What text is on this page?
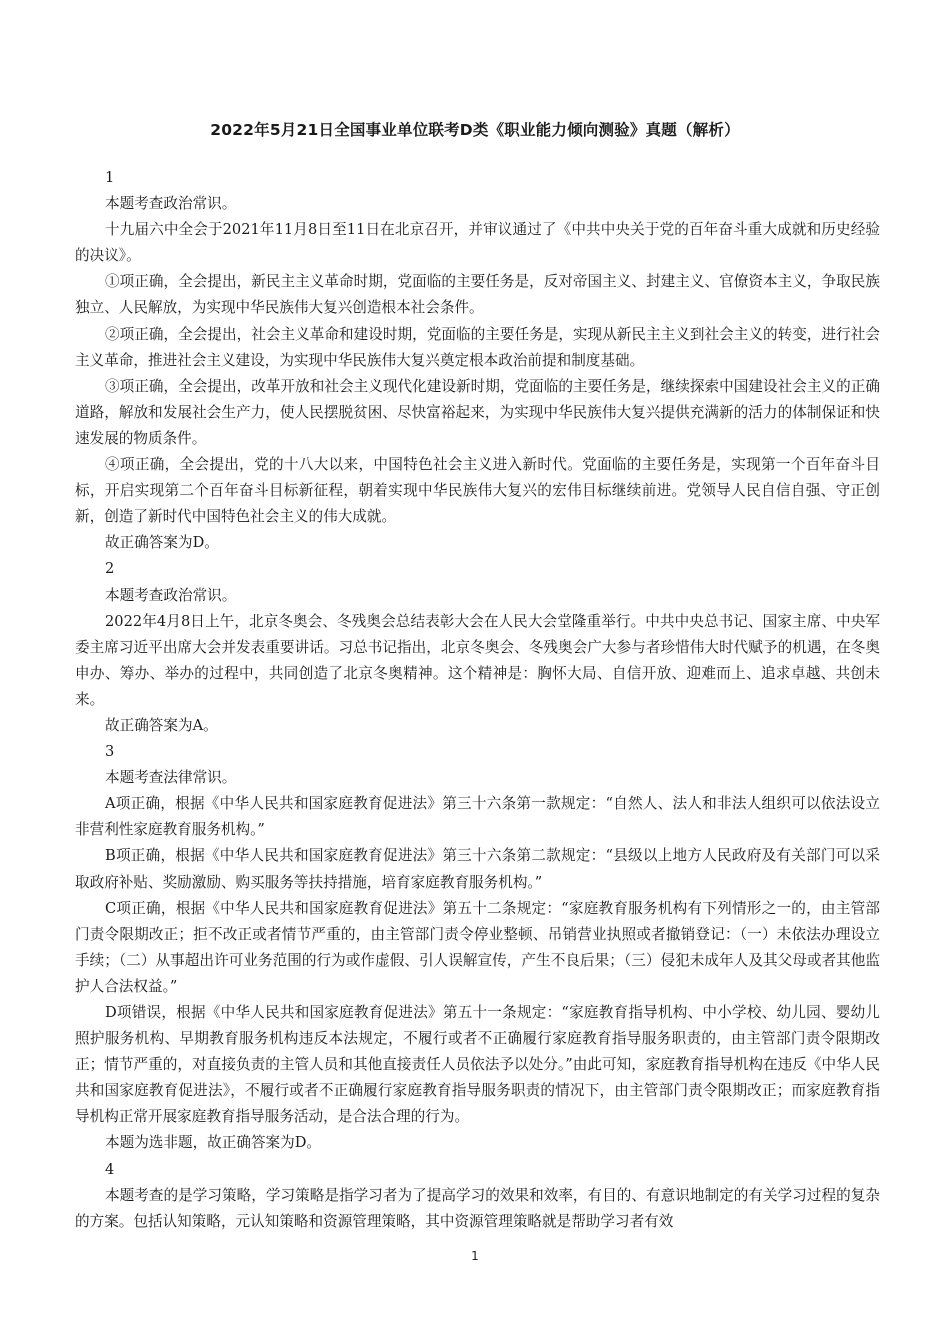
2022年5月21日全国事业单位联考D类《职业能力倾向测验》真题（解析）

1

本题考查政治常识。

十九届六中全会于2021年11月8日至11日在北京召开，并审议通过了《中共中央关于党的百年奋斗重大成就和历史经验的决议》。

①项正确，全会提出，新民主主义革命时期，党面临的主要任务是，反对帝国主义、封建主义、官僚资本主义，争取民族独立、人民解放，为实现中华民族伟大复兴创造根本社会条件。

②项正确，全会提出，社会主义革命和建设时期，党面临的主要任务是，实现从新民主主义到社会主义的转变，进行社会主义革命，推进社会主义建设，为实现中华民族伟大复兴奠定根本政治前提和制度基础。

③项正确，全会提出，改革开放和社会主义现代化建设新时期，党面临的主要任务是，继续探索中国建设社会主义的正确道路，解放和发展社会生产力，使人民摆脱贫困、尽快富裕起来，为实现中华民族伟大复兴提供充满新的活力的体制保证和快速发展的物质条件。

④项正确，全会提出，党的十八大以来，中国特色社会主义进入新时代。党面临的主要任务是，实现第一个百年奋斗目标，开启实现第二个百年奋斗目标新征程，朝着实现中华民族伟大复兴的宏伟目标继续前进。党领导人民自信自强、守正创新，创造了新时代中国特色社会主义的伟大成就。

故正确答案为D。

2

本题考查政治常识。

2022年4月8日上午，北京冬奥会、冬残奥会总结表彰大会在人民大会堂隆重举行。中共中央总书记、国家主席、中央军委主席习近平出席大会并发表重要讲话。习总书记指出，北京冬奥会、冬残奥会广大参与者珍惜伟大时代赋予的机遇，在冬奥申办、筹办、举办的过程中，共同创造了北京冬奥精神。这个精神是：胸怀大局、自信开放、迎难而上、追求卓越、共创未来。

故正确答案为A。

3

本题考查法律常识。

A项正确，根据《中华人民共和国家庭教育促进法》第三十六条第一款规定：“自然人、法人和非法人组织可以依法设立非营利性家庭教育服务机构。”

B项正确，根据《中华人民共和国家庭教育促进法》第三十六条第二款规定：“县级以上地方人民政府及有关部门可以采取政府补贴、奖励激励、购买服务等扶持措施，培育家庭教育服务机构。”

C项正确，根据《中华人民共和国家庭教育促进法》第五十二条规定：“家庭教育服务机构有下列情形之一的，由主管部门责令限期改正；拒不改正或者情节严重的，由主管部门责令停业整顿、吊销营业执照或者撤销登记：（一）未依法办理设立手续；（二）从事超出许可业务范围的行为或作虚假、引人误解宣传，产生不良后果；（三）侵犯未成年人及其父母或者其他监护人合法权益。”

D项错误，根据《中华人民共和国家庭教育促进法》第五十一条规定：“家庭教育指导机构、中小学校、幼儿园、婴幼儿照护服务机构、早期教育服务机构违反本法规定，不履行或者不正确履行家庭教育指导服务职责的，由主管部门责令限期改正；情节严重的，对直接负责的主管人员和其他直接责任人员依法予以处分。”由此可知，家庭教育指导机构在违反《中华人民共和国家庭教育促进法》，不履行或者不正确履行家庭教育指导服务职责的情况下，由主管部门责令限期改正；而家庭教育指导机构正常开展家庭教育指导服务活动，是合法合理的行为。

本题为选非题，故正确答案为D。

4

本题考查的是学习策略，学习策略是指学习者为了提高学习的效果和效率，有目的、有意识地制定的有关学习过程的复杂的方案。包括认知策略，元认知策略和资源管理策略，其中资源管理策略就是帮助学习者有效

1
